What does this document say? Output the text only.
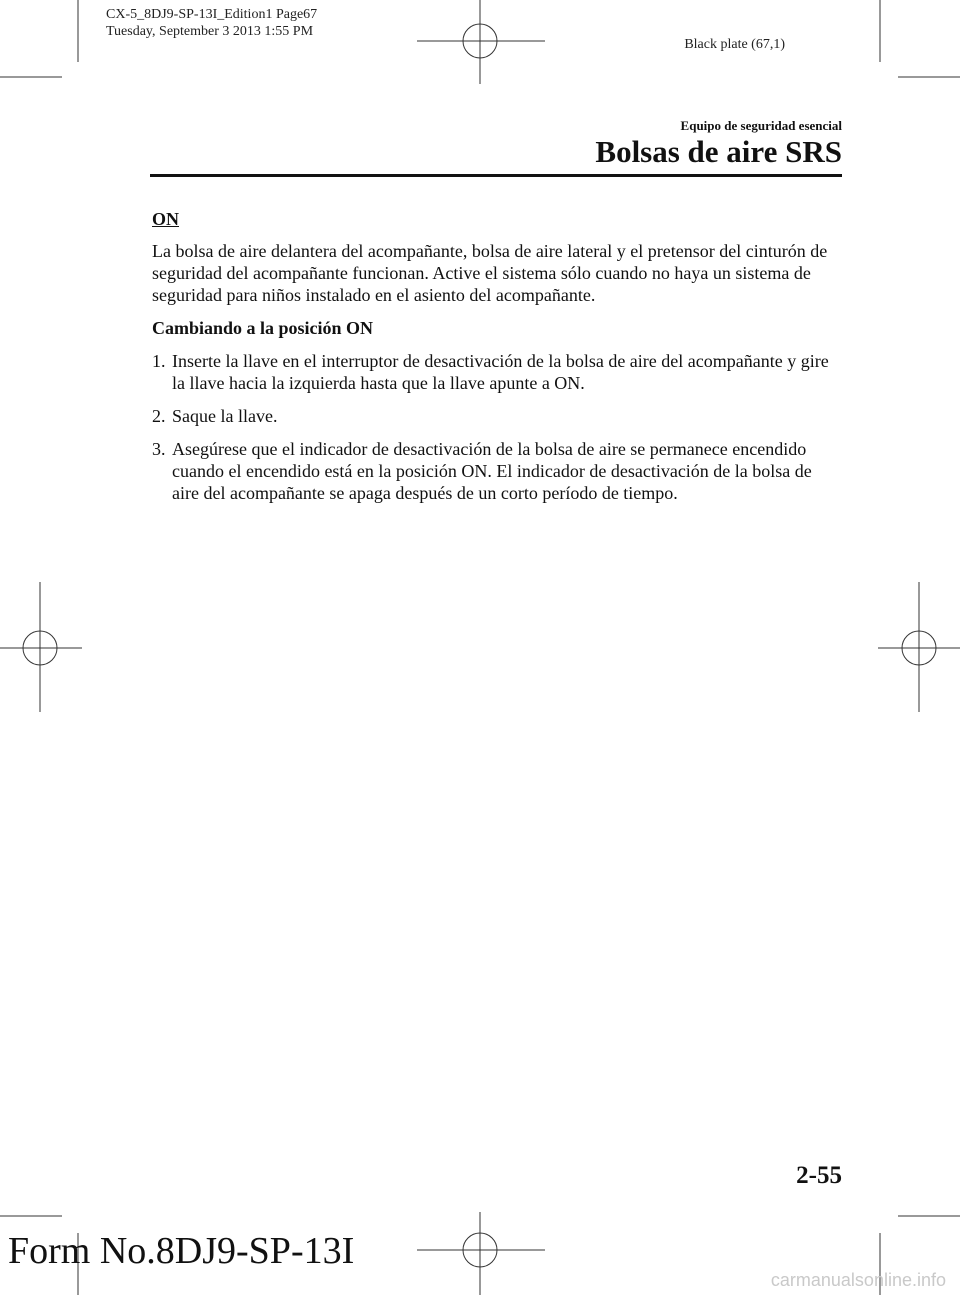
CX-5_8DJ9-SP-13I_Edition1 Page67
Tuesday, September 3 2013 1:55 PM
Black plate (67,1)
Equipo de seguridad esencial
Bolsas de aire SRS

ON

La bolsa de aire delantera del acompañante, bolsa de aire lateral y el pretensor del cinturón de seguridad del acompañante funcionan. Active el sistema sólo cuando no haya un sistema de seguridad para niños instalado en el asiento del acompañante.

Cambiando a la posición ON

1. Inserte la llave en el interruptor de desactivación de la bolsa de aire del acompañante y gire la llave hacia la izquierda hasta que la llave apunte a ON.
2. Saque la llave.
3. Asegúrese que el indicador de desactivación de la bolsa de aire se permanece encendido cuando el encendido está en la posición ON. El indicador de desactivación de la bolsa de aire del acompañante se apaga después de un corto período de tiempo.
2-55
Form No.8DJ9-SP-13I
carmanualsonline.info
